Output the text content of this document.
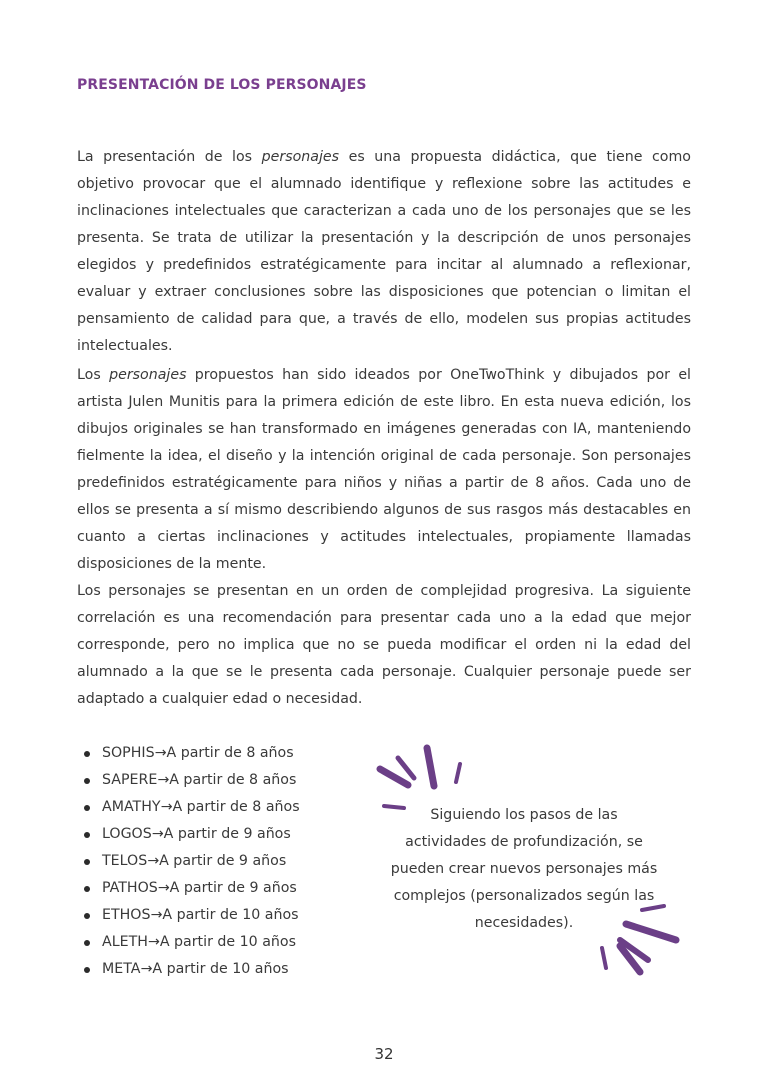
PRESENTACIÓN DE LOS PERSONAJES

La presentación de los personajes es una propuesta didáctica, que tiene como objetivo provocar que el alumnado identifique y reflexione sobre las actitudes e inclinaciones intelectuales que caracterizan a cada uno de los personajes que se les presenta. Se trata de utilizar la presentación y la descripción de unos personajes elegidos y predefinidos estratégicamente para incitar al alumnado a reflexionar, evaluar y extraer conclusiones sobre las disposiciones que potencian o limitan el pensamiento de calidad para que, a través de ello, modelen sus propias actitudes intelectuales.

Los personajes propuestos han sido ideados por OneTwoThink y dibujados por el artista Julen Munitis para la primera edición de este libro. En esta nueva edición, los dibujos originales se han transformado en imágenes generadas con IA, manteniendo fielmente la idea, el diseño y la intención original de cada personaje. Son personajes predefinidos estratégicamente para niños y niñas a partir de 8 años. Cada uno de ellos se presenta a sí mismo describiendo algunos de sus rasgos más destacables en cuanto a ciertas inclinaciones y actitudes intelectuales, propiamente llamadas disposiciones de la mente.

Los personajes se presentan en un orden de complejidad progresiva. La siguiente correlación es una recomendación para presentar cada uno a la edad que mejor corresponde, pero no implica que no se pueda modificar el orden ni la edad del alumnado a la que se le presenta cada personaje. Cualquier personaje puede ser adaptado a cualquier edad o necesidad.

SOPHIS → A partir de 8 años
SAPERE → A partir de 8 años
AMATHY → A partir de 8 años
LOGOS → A partir de 9 años
TELOS → A partir de 9 años
PATHOS → A partir de 9 años
ETHOS → A partir de 10 años
ALETH → A partir de 10 años
META → A partir de 10 años

Siguiendo los pasos de las actividades de profundización, se pueden crear nuevos personajes más complejos (personalizados según las necesidades).

32
